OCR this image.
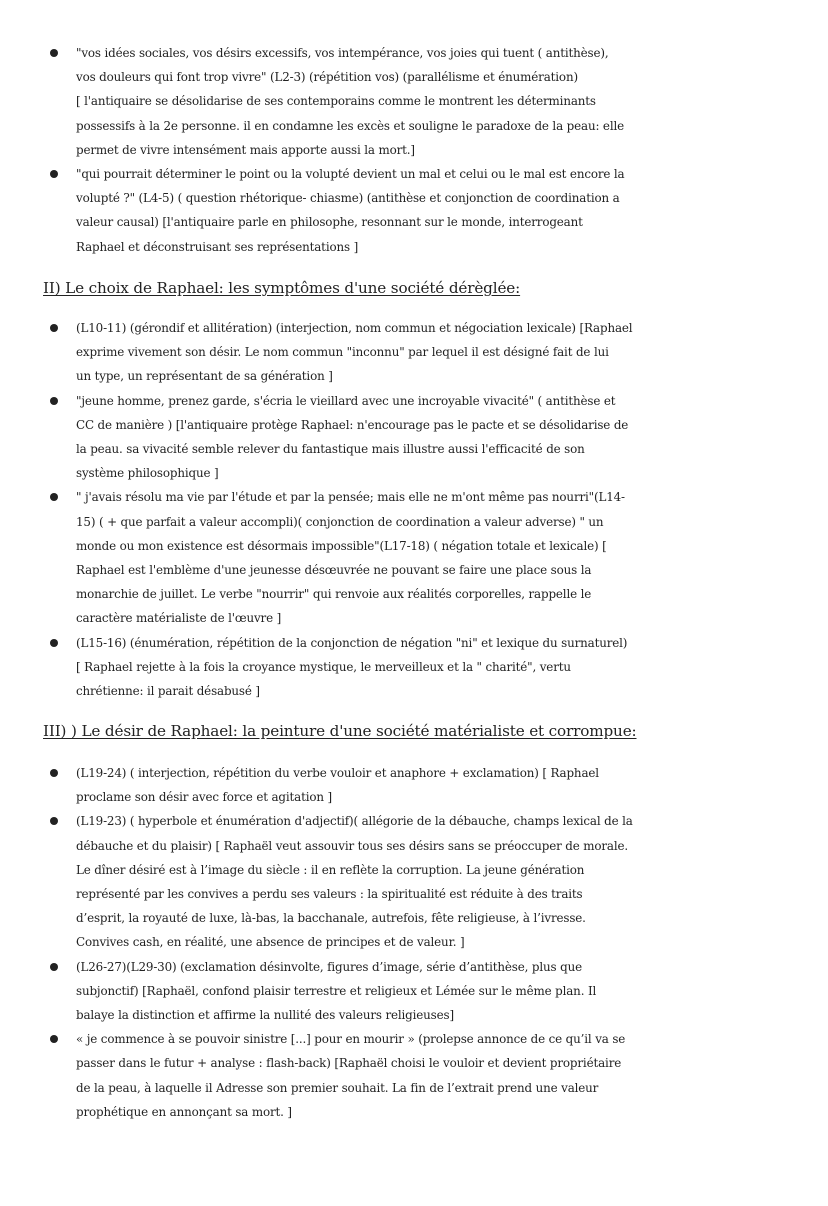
"vos idées sociales, vos désirs excessifs, vos intempérance, vos joies qui tuent ( antithèse),
vos douleurs qui font trop vivre" (L2-3) (répétition vos) (parallélisme et énumération)
[ l'antiquaire se désolidarise de ses contemporains comme le montrent les déterminants
possessifs à la 2e personne. il en condamne les excès et souligne le paradoxe de la peau: elle
permet de vivre intensément mais apporte aussi la mort.]
"qui pourrait déterminer le point ou la volupté devient un mal et celui ou le mal est encore la
volupté ?" (L4-5) ( question rhétorique- chiasme) (antithèse et conjonction de coordination a
valeur causal) [l'antiquaire parle en philosophe, resonnant sur le monde, interrogeant
Raphael et déconstruisant ses représentations ]
II) Le choix de Raphael: les symptômes d'une société dérèglée:
(L10-11) (gérondif et allitération) (interjection, nom commun et négociation lexicale) [Raphael
exprime vivement son désir. Le nom commun "inconnu" par lequel il est désigné fait de lui
un type, un représentant de sa génération ]
"jeune homme, prenez garde, s'écria le vieillard avec une incroyable vivacité" ( antithèse et
CC de manière ) [l'antiquaire protège Raphael: n'encourage pas le pacte et se désolidarise de
la peau. sa vivacité semble relever du fantastique mais illustre aussi l'efficacité de son
système philosophique ]
" j'avais résolu ma vie par l'étude et par la pensée; mais elle ne m'ont même pas nourri"(L14-
15) ( + que parfait a valeur accompli)( conjonction de coordination a valeur adverse) " un
monde ou mon existence est désormais impossible"(L17-18) ( négation totale et lexicale) [
Raphael est l'emblème d'une jeunesse désœuvrée ne pouvant se faire une place sous la
monarchie de juillet. Le verbe "nourrir" qui renvoie aux réalités corporelles, rappelle le
caractère matérialiste de l'œuvre ]
(L15-16) (énumération, répétition de la conjonction de négation "ni" et lexique du surnaturel)
[ Raphael rejette à la fois la croyance mystique, le merveilleux et la " charité", vertu
chrétienne: il parait désabusé ]
III) ) Le désir de Raphael: la peinture d'une société matérialiste et corrompue:
(L19-24) ( interjection, répétition du verbe vouloir et anaphore + exclamation) [ Raphael
proclame son désir avec force et agitation ]
(L19-23) ( hyperbole et énumération d'adjectif)( allégorie de la débauche, champs lexical de la
débauche et du plaisir) [ Raphaël veut assouvir tous ses désirs sans se préoccuper de morale.
Le dîner désiré est à l’image du siècle : il en reflète la corruption. La jeune génération
représenté par les convives a perdu ses valeurs : la spiritualité est réduite à des traits
d’esprit, la royauté de luxe, là-bas, la bacchanale, autrefois, fête religieuse, à l’ivresse.
Convives cash, en réalité, une absence de principes et de valeur. ]
(L26-27)(L29-30) (exclamation désinvolte, figures d’image, série d’antithèse, plus que
subjonctif) [Raphaël, confond plaisir terrestre et religieux et Lémée sur le même plan. Il
balaye la distinction et affirme la nullité des valeurs religieuses]
« je commence à se pouvoir sinistre [...] pour en mourir » (prolepse annonce de ce qu’il va se
passer dans le futur + analyse : flash-back) [Raphaël choisi le vouloir et devient propriétaire
de la peau, à laquelle il Adresse son premier souhait. La fin de l’extrait prend une valeur
prophétique en annonçant sa mort. ]
